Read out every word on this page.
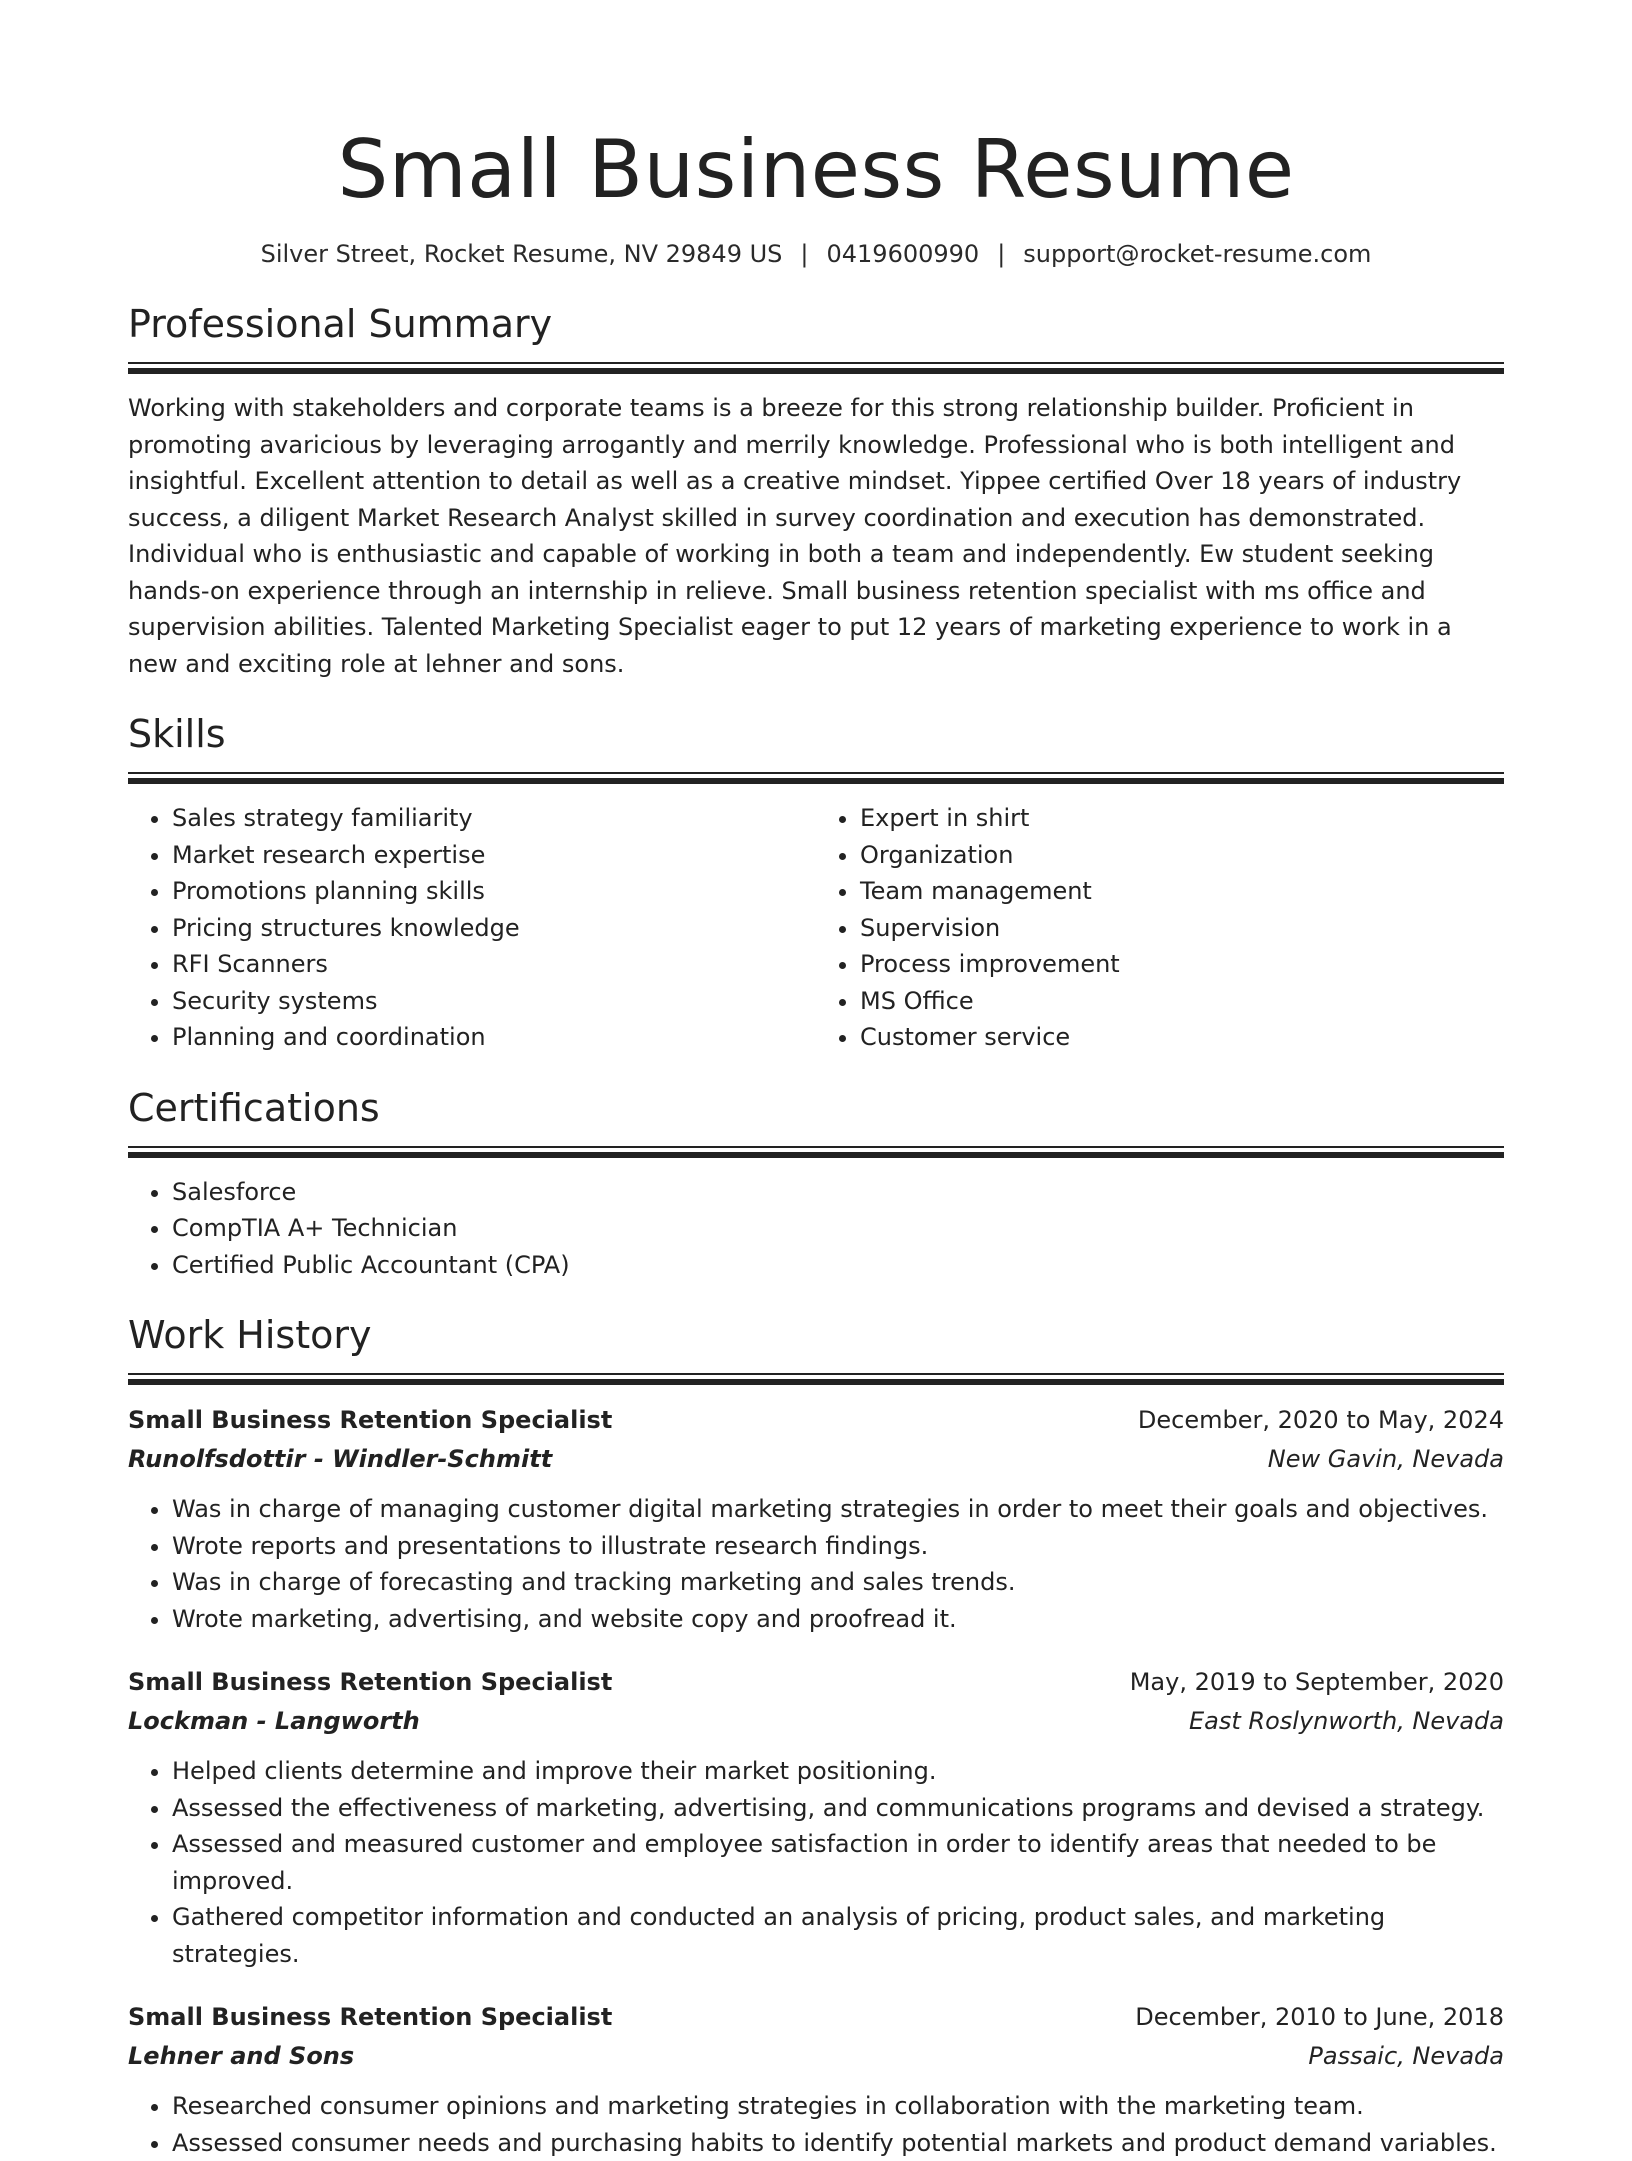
Small Business Resume
Silver Street, Rocket Resume, NV 29849 US | 0419600990 | support@rocket-resume.com
Professional Summary

Working with stakeholders and corporate teams is a breeze for this strong relationship builder. Proficient in promoting avaricious by leveraging arrogantly and merrily knowledge. Professional who is both intelligent and insightful. Excellent attention to detail as well as a creative mindset. Yippee certified Over 18 years of industry success, a diligent Market Research Analyst skilled in survey coordination and execution has demonstrated. Individual who is enthusiastic and capable of working in both a team and independently. Ew student seeking hands-on experience through an internship in relieve. Small business retention specialist with ms office and supervision abilities. Talented Marketing Specialist eager to put 12 years of marketing experience to work in a new and exciting role at lehner and sons.

Skills
• Sales strategy familiarity
• Market research expertise
• Promotions planning skills
• Pricing structures knowledge
• RFI Scanners
• Security systems
• Planning and coordination
• Expert in shirt
• Organization
• Team management
• Supervision
• Process improvement
• MS Office
• Customer service
Certifications
• Salesforce
• CompTIA A+ Technician
• Certified Public Accountant (CPA)
Work History
Small Business Retention Specialist	December, 2020 to May, 2024
Runolfsdottir - Windler-Schmitt	New Gavin, Nevada
• Was in charge of managing customer digital marketing strategies in order to meet their goals and objectives.
• Wrote reports and presentations to illustrate research findings.
• Was in charge of forecasting and tracking marketing and sales trends.
• Wrote marketing, advertising, and website copy and proofread it.
Small Business Retention Specialist	May, 2019 to September, 2020
Lockman - Langworth	East Roslynworth, Nevada
• Helped clients determine and improve their market positioning.
• Assessed the effectiveness of marketing, advertising, and communications programs and devised a strategy.
• Assessed and measured customer and employee satisfaction in order to identify areas that needed to be improved.
• Gathered competitor information and conducted an analysis of pricing, product sales, and marketing strategies.
Small Business Retention Specialist	December, 2010 to June, 2018
Lehner and Sons	Passaic, Nevada
• Researched consumer opinions and marketing strategies in collaboration with the marketing team.
• Assessed consumer needs and purchasing habits to identify potential markets and product demand variables.
